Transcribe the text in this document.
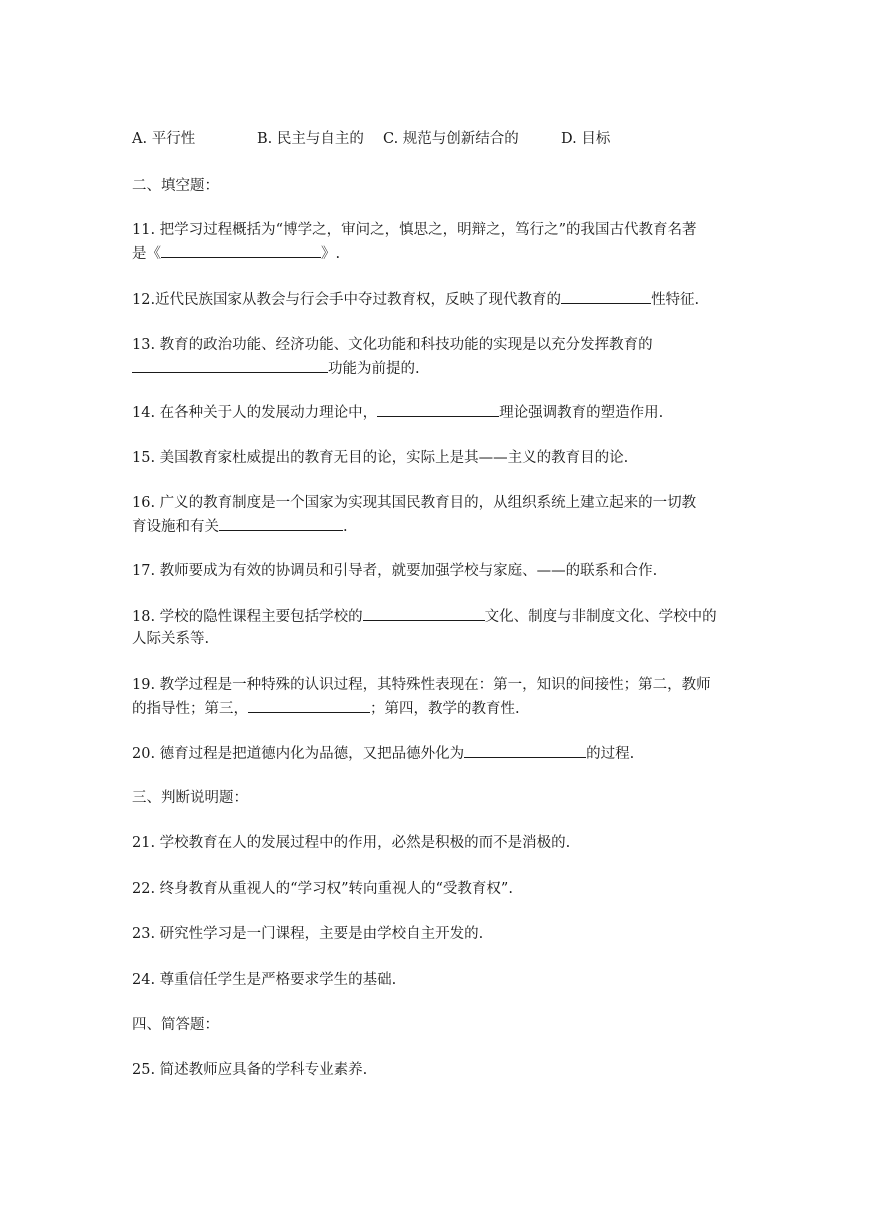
A. 平行性	B. 民主与自主的 C. 规范与创新结合的	D. 目标
二、填空题：
11. 把学习过程概括为“博学之，审问之，慎思之，明辩之，笃行之”的我国古代教育名著
是《	》.
12.近代民族国家从教会与行会手中夺过教育权，反映了现代教育的	性特征.
13. 教育的政治功能、经济功能、文化功能和科技功能的实现是以充分发挥教育的
功能为前提的.
14. 在各种关于人的发展动力理论中，	理论强调教育的塑造作用.
15. 美国教育家杜威提出的教育无目的论，实际上是其——主义的教育目的论.
16. 广义的教育制度是一个国家为实现其国民教育目的，从组织系统上建立起来的一切教
育设施和有关	.
17. 教师要成为有效的协调员和引导者，就要加强学校与家庭、——的联系和合作.
18. 学校的隐性课程主要包括学校的	文化、制度与非制度文化、学校中的
人际关系等.
19. 教学过程是一种特殊的认识过程，其特殊性表现在：第一，知识的间接性；第二，教师
的指导性；第三，	；第四，教学的教育性.
20. 德育过程是把道德内化为品德，又把品德外化为	的过程.
三、判断说明题：
21. 学校教育在人的发展过程中的作用，必然是积极的而不是消极的.
22. 终身教育从重视人的“学习权”转向重视人的“受教育权”.
23. 研究性学习是一门课程，主要是由学校自主开发的.
24. 尊重信任学生是严格要求学生的基础.
四、简答题：
25. 简述教师应具备的学科专业素养.
